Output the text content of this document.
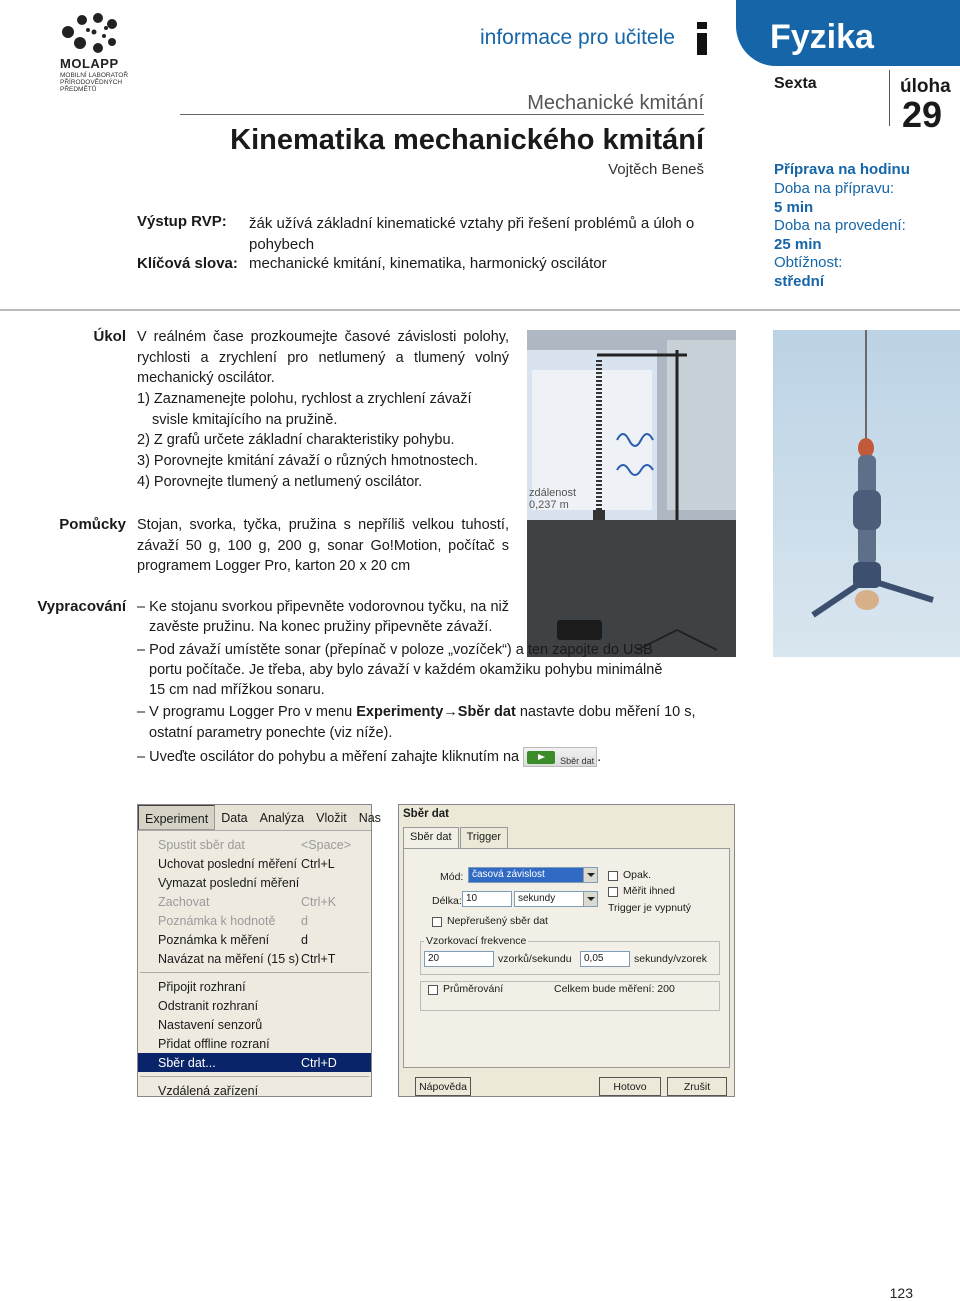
MOLAPP
MOBILNÍ LABORATOŘ PŘÍRODOVĚDNÝCH PŘEDMĚTŮ
informace pro učitele	Fyzika
Mechanické kmitání
Kinematika mechanického kmitání
Vojtěch Beneš
Výstup RVP: žák užívá základní kinematické vztahy při řešení problémů a úloh o pohybech
Klíčová slova: mechanické kmitání, kinematika, harmonický oscilátor
Sexta	úloha
29
Příprava na hodinu
Doba na přípravu:
5 min
Doba na provedení:
25 min
Obtížnost:
střední
Úkol V reálném čase prozkoumejte časové závislosti polohy, rychlosti a zrychlení pro netlumený a tlumený volný mechanický oscilátor.
1) Zaznamenejte polohu, rychlost a zrychlení závaží svisle kmitajícího na pružině.
2) Z grafů určete základní charakteristiky pohybu.
3) Porovnejte kmitání závaží o různých hmotnostech.
4) Porovnejte tlumený a netlumený oscilátor.
Pomůcky Stojan, svorka, tyčka, pružina s nepříliš velkou tuhostí, závaží 50 g, 100 g, 200 g, sonar Go!Motion, počítač s programem Logger Pro, karton 20 x 20 cm
zdálenost
0,237 m
Vypracování – Ke stojanu svorkou připevněte vodorovnou tyčku, na niž zavěste pružinu. Na konec pružiny připevněte závaží.
– Pod závaží umístěte sonar (přepínač v poloze „vozíček“) a ten zapojte do USB portu počítače. Je třeba, aby bylo závaží v každém okamžiku pohybu minimálně 15 cm nad mřížkou sonaru.
– V programu Logger Pro v menu Experimenty→Sběr dat nastavte dobu měření 10 s, ostatní parametry ponechte (viz níže).
– Uveďte oscilátor do pohybu a měření zahajte kliknutím na	Sběr dat .
Experiment	Data Analýza Vložit Nas
Spustit sběr dat	<Space>
Uchovat poslední měření Ctrl+L
Vymazat poslední měření
Zachovat	Ctrl+K
Poznámka k hodnotě	d
Poznámka k měření	d
Navázat na měření (15 s) Ctrl+T
Připojit rozhraní
Odstranit rozhraní
Nastavení senzorů
Přidat offline rozraní
Sběr dat...	Ctrl+D
Vzdálená zařízení
Sběr dat
Sběr dat	Trigger
Mód: časová závislost	Opak.
Měřit ihned
Trigger je vypnutý
Délka: 10	sekundy
Nepřerušený sběr dat
Vzorkovací frekvence
20	vzorků/sekundu	0,05	sekundy/vzorek
Průměrování	Celkem bude měření: 200
Nápověda	Hotovo	Zrušit
123
